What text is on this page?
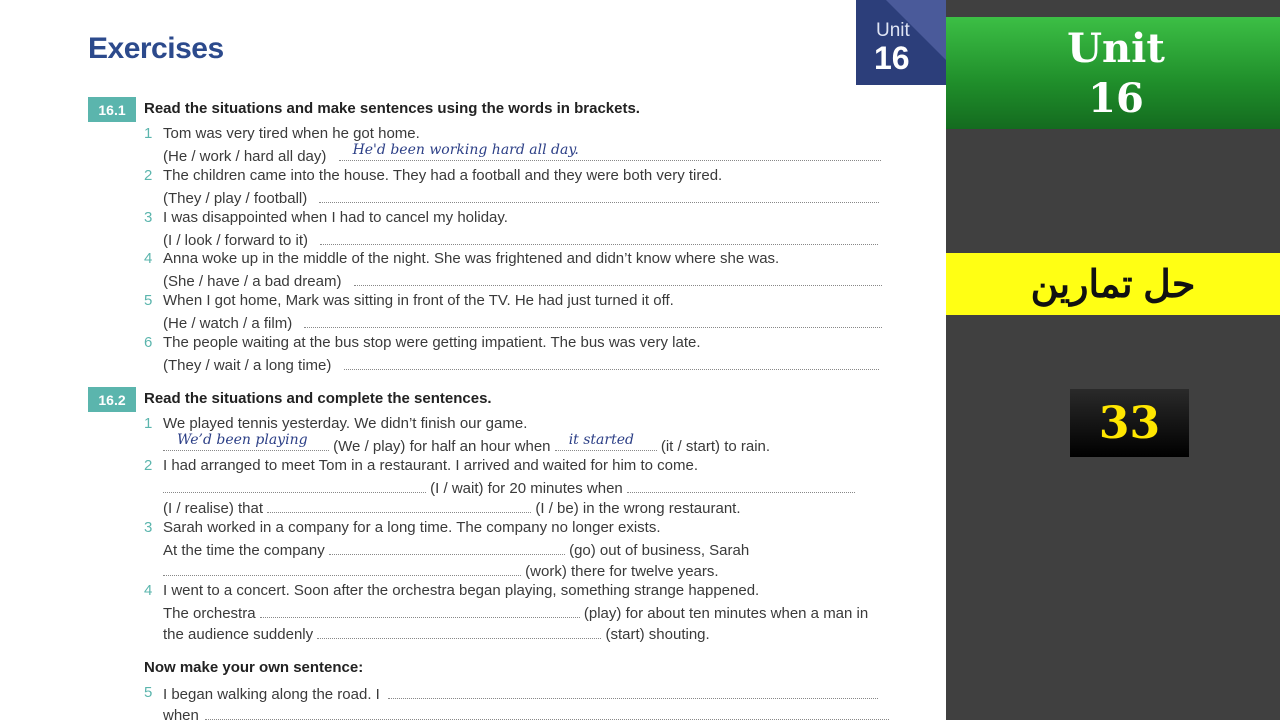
Exercises
Unit
16
16.1	Read the situations and make sentences using the words in brackets.
1 Tom was very tired when he got home.
(He / work / hard all day) He'd been working hard all day.
2 The children came into the house. They had a football and they were both very tired.
(They / play / football)
3 I was disappointed when I had to cancel my holiday.
(I / look / forward to it)
4 Anna woke up in the middle of the night. She was frightened and didn’t know where she was.
(She / have / a bad dream)
5 When I got home, Mark was sitting in front of the TV. He had just turned it off.
(He / watch / a film)
6 The people waiting at the bus stop were getting impatient. The bus was very late.
(They / wait / a long time)
16.2	Read the situations and complete the sentences.
1 We played tennis yesterday. We didn’t finish our game.
We’d been playing (We / play) for half an hour when it started (it / start) to rain.
2 I had arranged to meet Tom in a restaurant. I arrived and waited for him to come.
(I / wait) for 20 minutes when
(I / realise) that	(I / be) in the wrong restaurant.
3 Sarah worked in a company for a long time. The company no longer exists.
At the time the company	(go) out of business, Sarah
(work) there for twelve years.
4 I went to a concert. Soon after the orchestra began playing, something strange happened.
The orchestra	(play) for about ten minutes when a man in
the audience suddenly	(start) shouting.
Now make your own sentence:
5 I began walking along the road. I
when
Unit
16
حل تمارين
33
